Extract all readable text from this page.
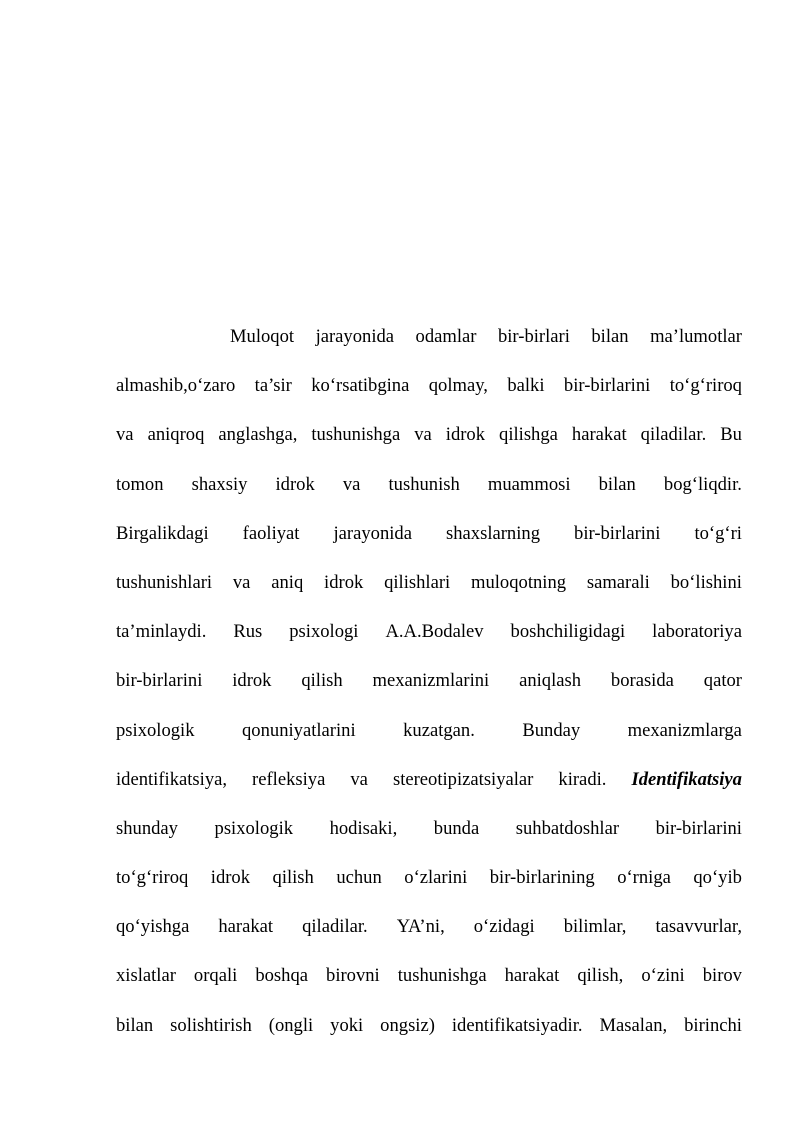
Muloqot jarayonida odamlar bir-birlari bilan ma’lumotlar
almashib,o‘zaro ta’sir ko‘rsatibgina qolmay, balki bir-birlarini to‘g‘riroq
va aniqroq anglashga, tushunishga va idrok qilishga harakat qiladilar. Bu
tomon shaxsiy idrok va tushunish muammosi bilan bog‘liqdir.
Birgalikdagi faoliyat jarayonida shaxslarning bir-birlarini to‘g‘ri
tushunishlari va aniq idrok qilishlari muloqotning samarali bo‘lishini
ta’minlaydi. Rus psixologi A.A.Bodalev boshchiligidagi laboratoriya
bir-birlarini idrok qilish mexanizmlarini aniqlash borasida qator
psixologik	qonuniyatlarini	kuzatgan.	Bunday	mexanizmlarga
identifikatsiya, refleksiya va stereotipizatsiyalar kiradi. Identifikatsiya
shunday psixologik hodisaki, bunda suhbatdoshlar bir-birlarini
to‘g‘riroq idrok qilish uchun o‘zlarini bir-birlarining o‘rniga qo‘yib
qo‘yishga harakat qiladilar. YA’ni, o‘zidagi bilimlar, tasavvurlar,
xislatlar orqali boshqa birovni tushunishga harakat qilish, o‘zini birov
bilan solishtirish (ongli yoki ongsiz) identifikatsiyadir. Masalan, birinchi
